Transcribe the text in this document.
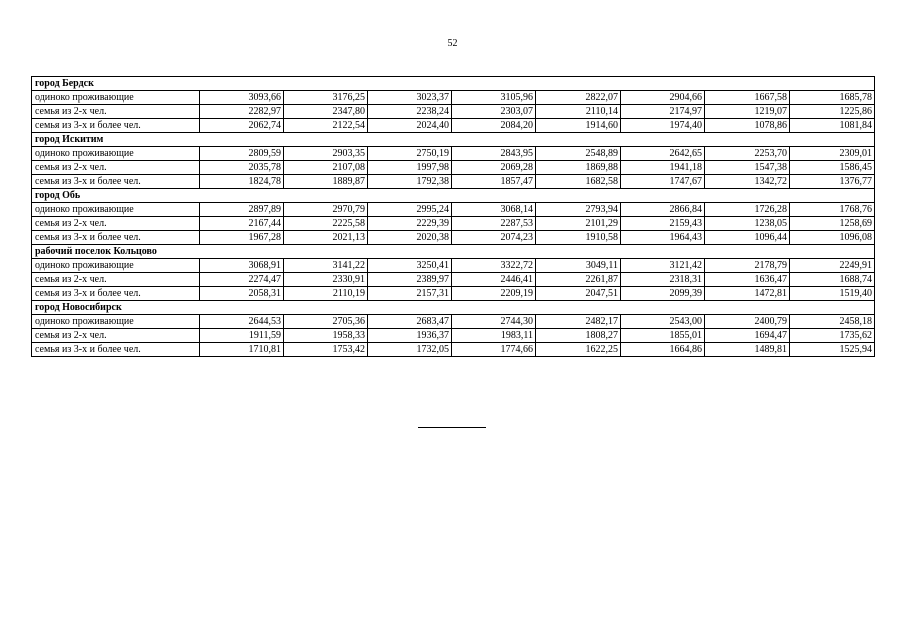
52
город Бердск								
одиноко проживающие	3093,66	3176,25	3023,37	3105,96	2822,07	2904,66	1667,58	1685,78
семья из 2-х чел.	2282,97	2347,80	2238,24	2303,07	2110,14	2174,97	1219,07	1225,86
семья из 3-х и более чел.	2062,74	2122,54	2024,40	2084,20	1914,60	1974,40	1078,86	1081,84
город Искитим								
одиноко проживающие	2809,59	2903,35	2750,19	2843,95	2548,89	2642,65	2253,70	2309,01
семья из 2-х чел.	2035,78	2107,08	1997,98	2069,28	1869,88	1941,18	1547,38	1586,45
семья из 3-х и более чел.	1824,78	1889,87	1792,38	1857,47	1682,58	1747,67	1342,72	1376,77
город Обь								
одиноко проживающие	2897,89	2970,79	2995,24	3068,14	2793,94	2866,84	1726,28	1768,76
семья из 2-х чел.	2167,44	2225,58	2229,39	2287,53	2101,29	2159,43	1238,05	1258,69
семья из 3-х и более чел.	1967,28	2021,13	2020,38	2074,23	1910,58	1964,43	1096,44	1096,08
рабочий поселок Кольцово								
одиноко проживающие	3068,91	3141,22	3250,41	3322,72	3049,11	3121,42	2178,79	2249,91
семья из 2-х чел.	2274,47	2330,91	2389,97	2446,41	2261,87	2318,31	1636,47	1688,74
семья из 3-х и более чел.	2058,31	2110,19	2157,31	2209,19	2047,51	2099,39	1472,81	1519,40
город Новосибирск								
одиноко проживающие	2644,53	2705,36	2683,47	2744,30	2482,17	2543,00	2400,79	2458,18
семья из 2-х чел.	1911,59	1958,33	1936,37	1983,11	1808,27	1855,01	1694,47	1735,62
семья из 3-х и более чел.	1710,81	1753,42	1732,05	1774,66	1622,25	1664,86	1489,81	1525,94
